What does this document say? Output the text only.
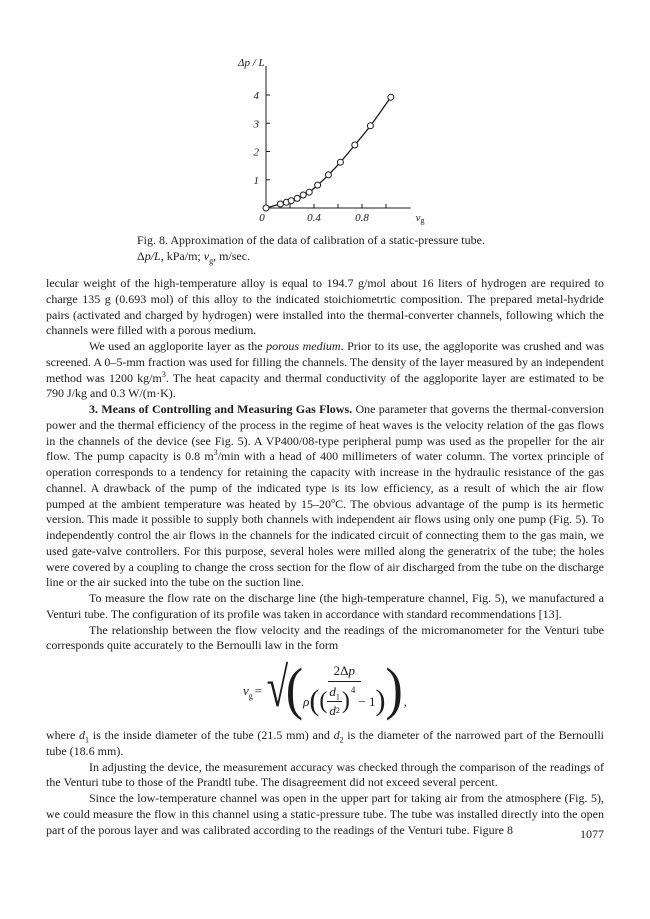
0	0.4	0.8
1
2
3
4
Δp / L
vg
Fig. 8. Approximation of the data of calibration of a static-pressure tube.
Δp/L, kPa/m; $v_g$, m/sec.
lecular weight of the high-temperature alloy is equal to 194.7 g/mol about 16 liters of hydrogen are required to charge 135 g (0.693 mol) of this alloy to the indicated stoichiometrtic composition. The prepared metal-hydride pairs (activated and charged by hydrogen) were installed into the thermal-converter channels, following which the channels were filled with a porous medium.
We used an aggloporite layer as the porous medium. Prior to its use, the aggloporite was crushed and was screened. A 0–5-mm fraction was used for filling the channels. The density of the layer measured by an independent method was 1200 $kg/m^3$. The heat capacity and thermal conductivity of the aggloporite layer are estimated to be 790 J/kg and 0.3 W/(m·K).
3. Means of Controlling and Measuring Gas Flows. One parameter that governs the thermal-conversion power and the thermal efficiency of the process in the regime of heat waves is the velocity relation of the gas flows in the channels of the device (see Fig. 5). A VP400/08-type peripheral pump was used as the propeller for the air flow. The pump capacity is 0.8 $m^3/\min$ with a head of 400 millimeters of water column. The vortex principle of operation corresponds to a tendency for retaining the capacity with increase in the hydraulic resistance of the gas channel. A drawback of the pump of the indicated type is its low efficiency, as a result of which the air flow pumped at the ambient temperature was heated by 15–20$^o$C. The obvious advantage of the pump is its hermetic version. This made it possible to supply both channels with independent air flows using only one pump (Fig. 5). To independently control the air flows in the channels for the indicated circuit of connecting them to the gas main, we used gate-valve controllers. For this purpose, several holes were milled along the generatrix of the tube; the holes were covered by a coupling to change the cross section for the flow of air discharged from the tube on the discharge line or the air sucked into the tube on the suction line.
To measure the flow rate on the discharge line (the high-temperature channel, Fig. 5), we manufactured a Venturi tube. The configuration of its profile was taken in accordance with standard recommendations [13].
The relationship between the flow velocity and the readings of the micromanometer for the Venturi tube corresponds quite accurately to the Bernoulli law in the form
$v_g$ = √
(	2Δp
ρ ( ( $d_1$
d 2 ) 4
− 1 ) ) ,
where $d_1$ is the inside diameter of the tube (21.5 mm) and $d_2$ is the diameter of the narrowed part of the Bernoulli tube (18.6 mm).
In adjusting the device, the measurement accuracy was checked through the comparison of the readings of the Venturi tube to those of the Prandtl tube. The disagreement did not exceed several percent.
Since the low-temperature channel was open in the upper part for taking air from the atmosphere (Fig. 5), we could measure the flow in this channel using a static-pressure tube. The tube was installed directly into the open part of the porous layer and was calibrated according to the readings of the Venturi tube. Figure 8	1077
